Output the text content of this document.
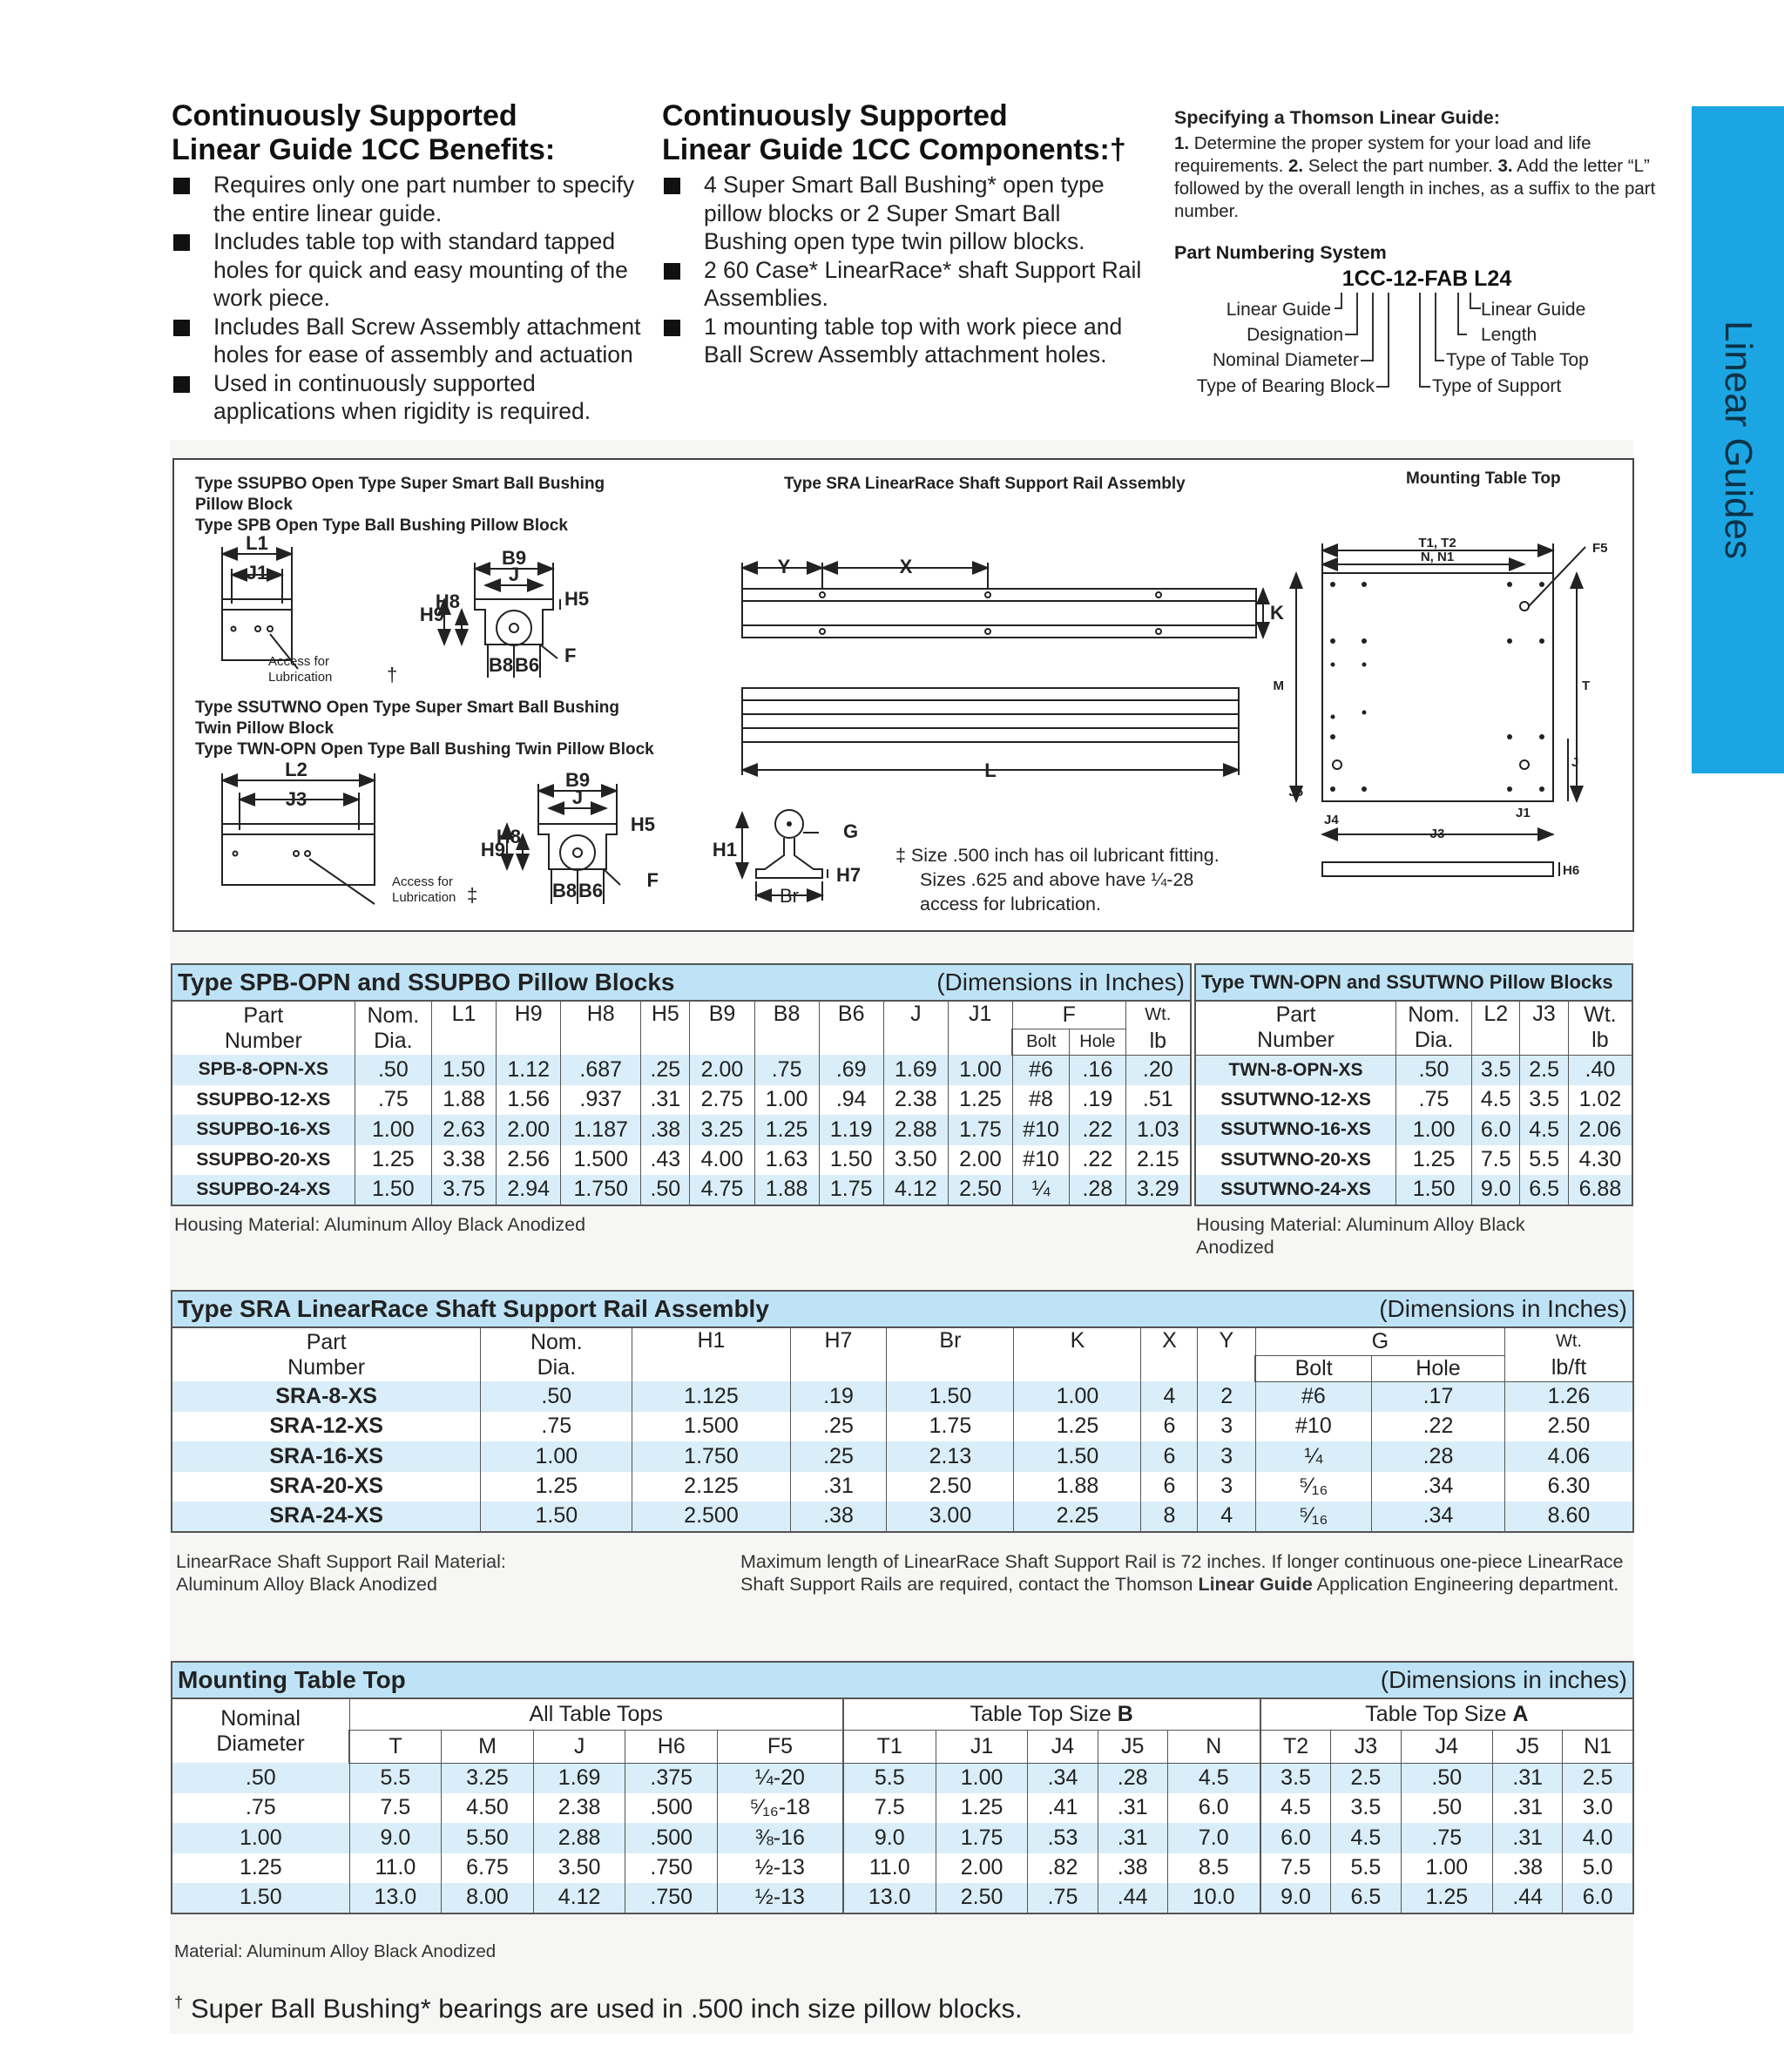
Linear Guides
Continuously Supported
Linear Guide 1CC Benefits:
Requires only one part number to specify the entire linear guide.
Includes table top with standard tapped holes for quick and easy mounting of the work piece.
Includes Ball Screw Assembly attachment holes for ease of assembly and actuation
Used in continuously supported applications when rigidity is required.
Continuously Supported
Linear Guide 1CC Components:†
4 Super Smart Ball Bushing* open type pillow blocks or 2 Super Smart Ball Bushing open type twin pillow blocks.
2 60 Case* LinearRace* shaft Support Rail Assemblies.
1 mounting table top with work piece and Ball Screw Assembly attachment holes.
Specifying a Thomson Linear Guide:
1. Determine the proper system for your load and life requirements. 2. Select the part number. 3. Add the letter “L” followed by the overall length in inches, as a suffix to the part number.
Part Numbering System
1CC-12-FAB L24
Linear Guide
Designation
Nominal Diameter
Type of Bearing Block
Linear Guide
Length
Type of Table Top
Type of Support
Type SSUPBO Open Type Super Smart Ball Bushing
Pillow Block
Type SPB Open Type Ball Bushing Pillow Block
Type SSUTWNO Open Type Super Smart Ball Bushing
Twin Pillow Block
Type TWN-OPN Open Type Ball Bushing Twin Pillow Block
Type SRA LinearRace Shaft Support Rail Assembly	Mounting Table Top
‡ Size .500 inch has oil lubricant fitting.
Sizes .625 and above have ¼-28
access for lubrication.
L1
J1
B9
J
H9
H8	H5
F
B8 B6
L2
J3
B9
J
H9
H8
H5
F
B8 B6
Y	X
K
L
G
H1
H7
Br
T1, T2
N, N1
F5
M	T
J
J5
J4	J1
J3
H6
Access for
Lubrication	†
Access for
Lubrication ‡
Type SPB-OPN and SSUPBO Pillow Blocks (Dimensions in Inches)													

Part
Number	Nom.
Dia.	L1	H9	H8	H5	B9	B8	B6	J	J1	F		Wt.
											Bolt	Hole	lb
SPB-8-OPN-XS	.50	1.50	1.12	.687	.25	2.00	.75	.69	1.69	1.00	#6	.16	.20
SSUPBO-12-XS	.75	1.88	1.56	.937	.31	2.75	1.00	.94	2.38	1.25	#8	.19	.51
SSUPBO-16-XS	1.00	2.63	2.00	1.187	.38	3.25	1.25	1.19	2.88	1.75	#10	.22	1.03
SSUPBO-20-XS	1.25	3.38	2.56	1.500	.43	4.00	1.63	1.50	3.50	2.00	#10	.22	2.15
SSUPBO-24-XS	1.50	3.75	2.94	1.750	.50	4.75	1.88	1.75	4.12	2.50	¼	.28	3.29
Housing Material: Aluminum Alloy Black Anodized
Type TWN-OPN and SSUTWNO Pillow Blocks				
Part
Number	Nom.
Dia.	L2	J3	Wt.
lb
TWN-8-OPN-XS	.50	3.5	2.5	.40
SSUTWNO-12-XS	.75	4.5	3.5	1.02
SSUTWNO-16-XS	1.00	6.0	4.5	2.06
SSUTWNO-20-XS	1.25	7.5	5.5	4.30
SSUTWNO-24-XS	1.50	9.0	6.5	6.88
Housing Material: Aluminum Alloy Black
Anodized
Type SRA LinearRace Shaft Support Rail Assembly (Dimensions in Inches)										

Part
Number	Nom.
Dia.	H1	H7	Br	K	X	Y	G		Wt.
								Bolt	Hole	lb/ft
SRA-8-XS	.50	1.125	.19	1.50	1.00	4	2	#6	.17	1.26
SRA-12-XS	.75	1.500	.25	1.75	1.25	6	3	#10	.22	2.50
SRA-16-XS	1.00	1.750	.25	2.13	1.50	6	3	¼	.28	4.06
SRA-20-XS	1.25	2.125	.31	2.50	1.88	6	3	⁵⁄₁₆	.34	6.30
SRA-24-XS	1.50	2.500	.38	3.00	2.25	8	4	⁵⁄₁₆	.34	8.60
LinearRace Shaft Support Rail Material:
Aluminum Alloy Black Anodized
Maximum length of LinearRace Shaft Support Rail is 72 inches. If longer continuous one-piece LinearRace
Shaft Support Rails are required, contact the Thomson Linear Guide Application Engineering department.
Mounting Table Top (Dimensions in inches)															

Nominal
Diameter	All Table Tops					Table Top Size B					Table Top Size A				
	T	M	J	H6	F5	T1	J1	J4	J5	N	T2	J3	J4	J5	N1
.50	5.5	3.25	1.69	.375	¼-20	5.5	1.00	.34	.28	4.5	3.5	2.5	.50	.31	2.5
.75	7.5	4.50	2.38	.500	⁵⁄₁₆-18	7.5	1.25	.41	.31	6.0	4.5	3.5	.50	.31	3.0
1.00	9.0	5.50	2.88	.500	⅜-16	9.0	1.75	.53	.31	7.0	6.0	4.5	.75	.31	4.0
1.25	11.0	6.75	3.50	.750	½-13	11.0	2.00	.82	.38	8.5	7.5	5.5	1.00	.38	5.0
1.50	13.0	8.00	4.12	.750	½-13	13.0	2.50	.75	.44	10.0	9.0	6.5	1.25	.44	6.0
Material: Aluminum Alloy Black Anodized
† Super Ball Bushing* bearings are used in .500 inch size pillow blocks.
